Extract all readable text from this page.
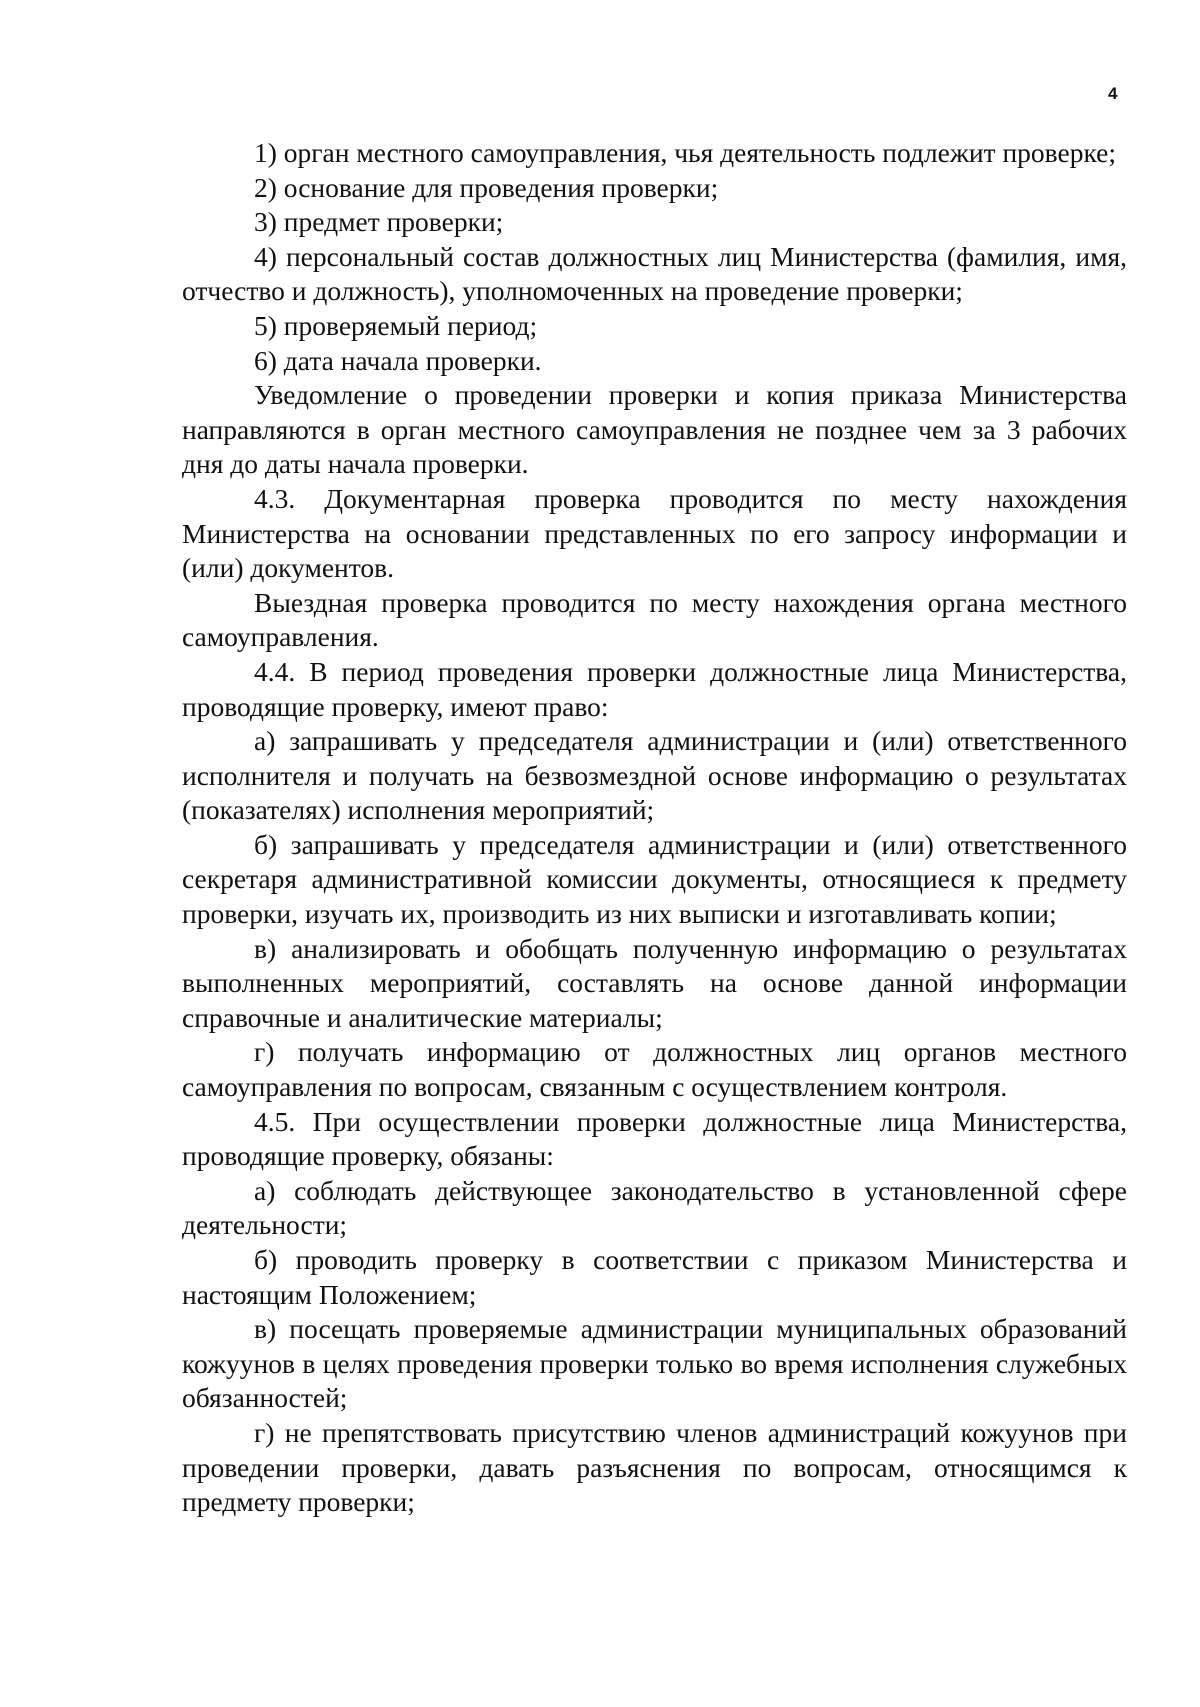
4

1) орган местного самоуправления, чья деятельность подлежит проверке;

2) основание для проведения проверки;

3) предмет проверки;

4) персональный состав должностных лиц Министерства (фамилия, имя, отчество и должность), уполномоченных на проведение проверки;

5) проверяемый период;

6) дата начала проверки.

Уведомление о проведении проверки и копия приказа Министерства направляются в орган местного самоуправления не позднее чем за 3 рабочих дня до даты начала проверки.

4.3. Документарная проверка проводится по месту нахождения Министерства на основании представленных по его запросу информации и (или) документов.

Выездная проверка проводится по месту нахождения органа местного самоуправления.

4.4. В период проведения проверки должностные лица Министерства, проводящие проверку, имеют право:

а) запрашивать у председателя администрации и (или) ответственного исполнителя и получать на безвозмездной основе информацию о результатах (показателях) исполнения мероприятий;

б) запрашивать у председателя администрации и (или) ответственного секретаря административной комиссии документы, относящиеся к предмету проверки, изучать их, производить из них выписки и изготавливать копии;

в) анализировать и обобщать полученную информацию о результатах выполненных мероприятий, составлять на основе данной информации справочные и аналитические материалы;

г) получать информацию от должностных лиц органов местного самоуправления по вопросам, связанным с осуществлением контроля.

4.5. При осуществлении проверки должностные лица Министерства, проводящие проверку, обязаны:

а) соблюдать действующее законодательство в установленной сфере деятельности;

б) проводить проверку в соответствии с приказом Министерства и настоящим Положением;

в) посещать проверяемые администрации муниципальных образований кожуунов в целях проведения проверки только во время исполнения служебных обязанностей;

г) не препятствовать присутствию членов администраций кожуунов при проведении проверки, давать разъяснения по вопросам, относящимся к предмету проверки;
